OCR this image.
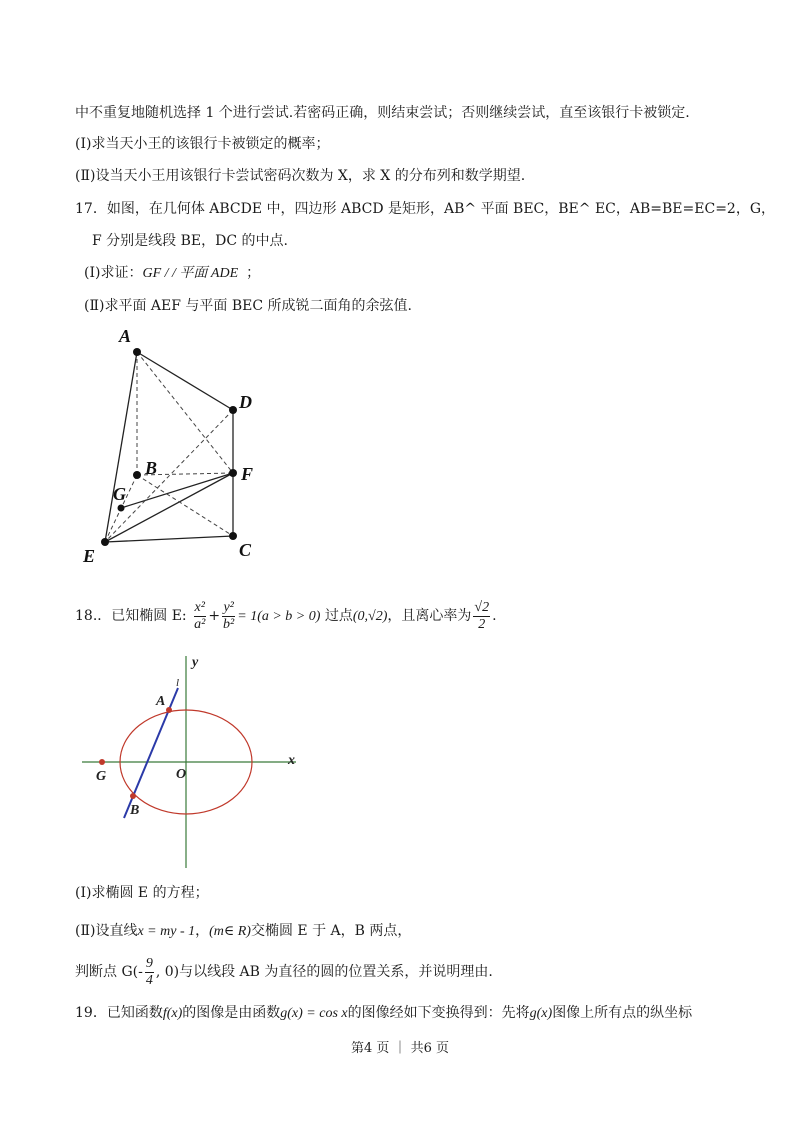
中不重复地随机选择 1 个进行尝试.若密码正确，则结束尝试；否则继续尝试，直至该银行卡被锁定.
(Ⅰ)求当天小王的该银行卡被锁定的概率；
(Ⅱ)设当天小王用该银行卡尝试密码次数为 X，求 X 的分布列和数学期望.
17．如图，在几何体 ABCDE 中，四边形 ABCD 是矩形，AB^ 平面 BEC，BE^ EC，AB=BE=EC=2，G，
F 分别是线段 BE，DC 的中点.
(Ⅰ)求证：GF / / 平面 ADE ；
(Ⅱ)求平面 AEF 与平面 BEC 所成锐二面角的余弦值.
A
D
B	F
G
E	C
18.．已知椭圆 E: $\frac{\text{x²}}{\text{a²}} + \frac{\text{y²}}{\text{b²}} = 1(a > b > 0)$ 过点(0,√2)，且离心率为 $\frac{√2}{2}$ .
y
x
O
A
B
G
l
(Ⅰ)求椭圆 E 的方程；
(Ⅱ)设直线x = my - 1，(m∈ R)交椭圆 E 于 A，B 两点，
判断点 $G(- \frac{9}{4}$ , 0)与以线段 AB 为直径的圆的位置关系，并说明理由.
19．已知函数f(x)的图像是由函数g(x) = cos x的图像经如下变换得到：先将g(x)图像上所有点的纵坐标
第4 页 ｜ 共6 页
